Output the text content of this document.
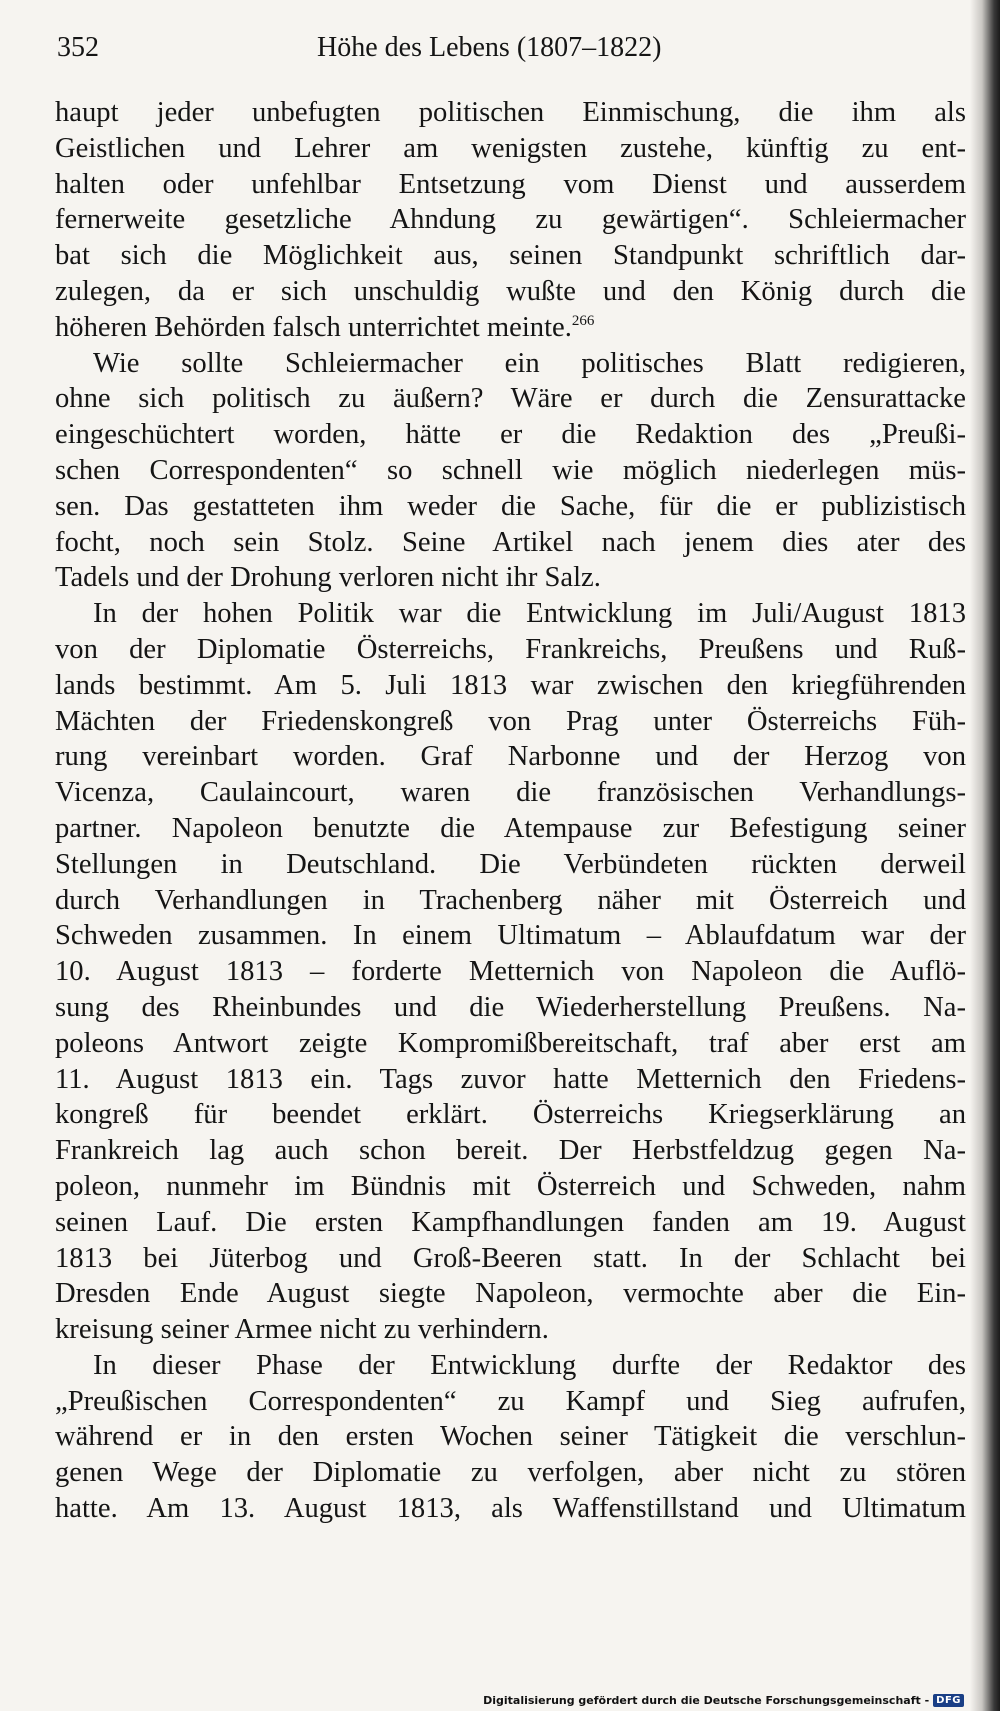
352	Höhe des Lebens (1807–1822)
haupt jeder unbefugten politischen Einmischung, die ihm als
Geistlichen und Lehrer am wenigsten zustehe, künftig zu ent-
halten oder unfehlbar Entsetzung vom Dienst und ausserdem
fernerweite gesetzliche Ahndung zu gewärtigen“. Schleiermacher
bat sich die Möglichkeit aus, seinen Standpunkt schriftlich dar-
zulegen, da er sich unschuldig wußte und den König durch die
höheren Behörden falsch unterrichtet meinte.$^{266}$
Wie sollte Schleiermacher ein politisches Blatt redigieren,
ohne sich politisch zu äußern? Wäre er durch die Zensurattacke
eingeschüchtert worden, hätte er die Redaktion des „Preußi-
schen Correspondenten“ so schnell wie möglich niederlegen müs-
sen. Das gestatteten ihm weder die Sache, für die er publizistisch
focht, noch sein Stolz. Seine Artikel nach jenem dies ater des
Tadels und der Drohung verloren nicht ihr Salz.
In der hohen Politik war die Entwicklung im Juli/August 1813
von der Diplomatie Österreichs, Frankreichs, Preußens und Ruß-
lands bestimmt. Am 5. Juli 1813 war zwischen den kriegführenden
Mächten der Friedenskongreß von Prag unter Österreichs Füh-
rung vereinbart worden. Graf Narbonne und der Herzog von
Vicenza, Caulaincourt, waren die französischen Verhandlungs-
partner. Napoleon benutzte die Atempause zur Befestigung seiner
Stellungen in Deutschland. Die Verbündeten rückten derweil
durch Verhandlungen in Trachenberg näher mit Österreich und
Schweden zusammen. In einem Ultimatum – Ablaufdatum war der
10. August 1813 – forderte Metternich von Napoleon die Auflö-
sung des Rheinbundes und die Wiederherstellung Preußens. Na-
poleons Antwort zeigte Kompromißbereitschaft, traf aber erst am
11. August 1813 ein. Tags zuvor hatte Metternich den Friedens-
kongreß für beendet erklärt. Österreichs Kriegserklärung an
Frankreich lag auch schon bereit. Der Herbstfeldzug gegen Na-
poleon, nunmehr im Bündnis mit Österreich und Schweden, nahm
seinen Lauf. Die ersten Kampfhandlungen fanden am 19. August
1813 bei Jüterbog und Groß-Beeren statt. In der Schlacht bei
Dresden Ende August siegte Napoleon, vermochte aber die Ein-
kreisung seiner Armee nicht zu verhindern.
In dieser Phase der Entwicklung durfte der Redaktor des
„Preußischen Correspondenten“ zu Kampf und Sieg aufrufen,
während er in den ersten Wochen seiner Tätigkeit die verschlun-
genen Wege der Diplomatie zu verfolgen, aber nicht zu stören
hatte. Am 13. August 1813, als Waffenstillstand und Ultimatum
Digitalisierung gefördert durch die Deutsche Forschungsgemeinschaft - DFG
